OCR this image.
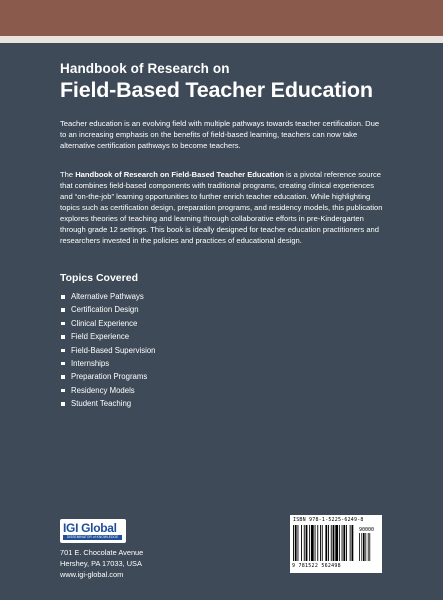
Handbook of Research on
Field-Based Teacher Education
Teacher education is an evolving field with multiple pathways towards teacher certification. Due to an increasing emphasis on the benefits of field-based learning, teachers can now take alternative certification pathways to become teachers.
The Handbook of Research on Field-Based Teacher Education is a pivotal reference source that combines field-based components with traditional programs, creating clinical experiences and “on-the-job” learning opportunities to further enrich teacher education. While highlighting topics such as certification design, preparation programs, and residency models, this publication explores theories of teaching and learning through collaborative efforts in pre-Kindergarten through grade 12 settings. This book is ideally designed for teacher education practitioners and researchers invested in the policies and practices of educational design.
Topics Covered
Alternative Pathways
Certification Design
Clinical Experience
Field Experience
Field-Based Supervision
Internships
Preparation Programs
Residency Models
Student Teaching
IGI Global
DISSEMINATOR of KNOWLEDGE
701 E. Chocolate Avenue
Hershey, PA 17033, USA
www.igi-global.com
ISBN 978-1-5225-6249-8
90000
9 781522 562498
